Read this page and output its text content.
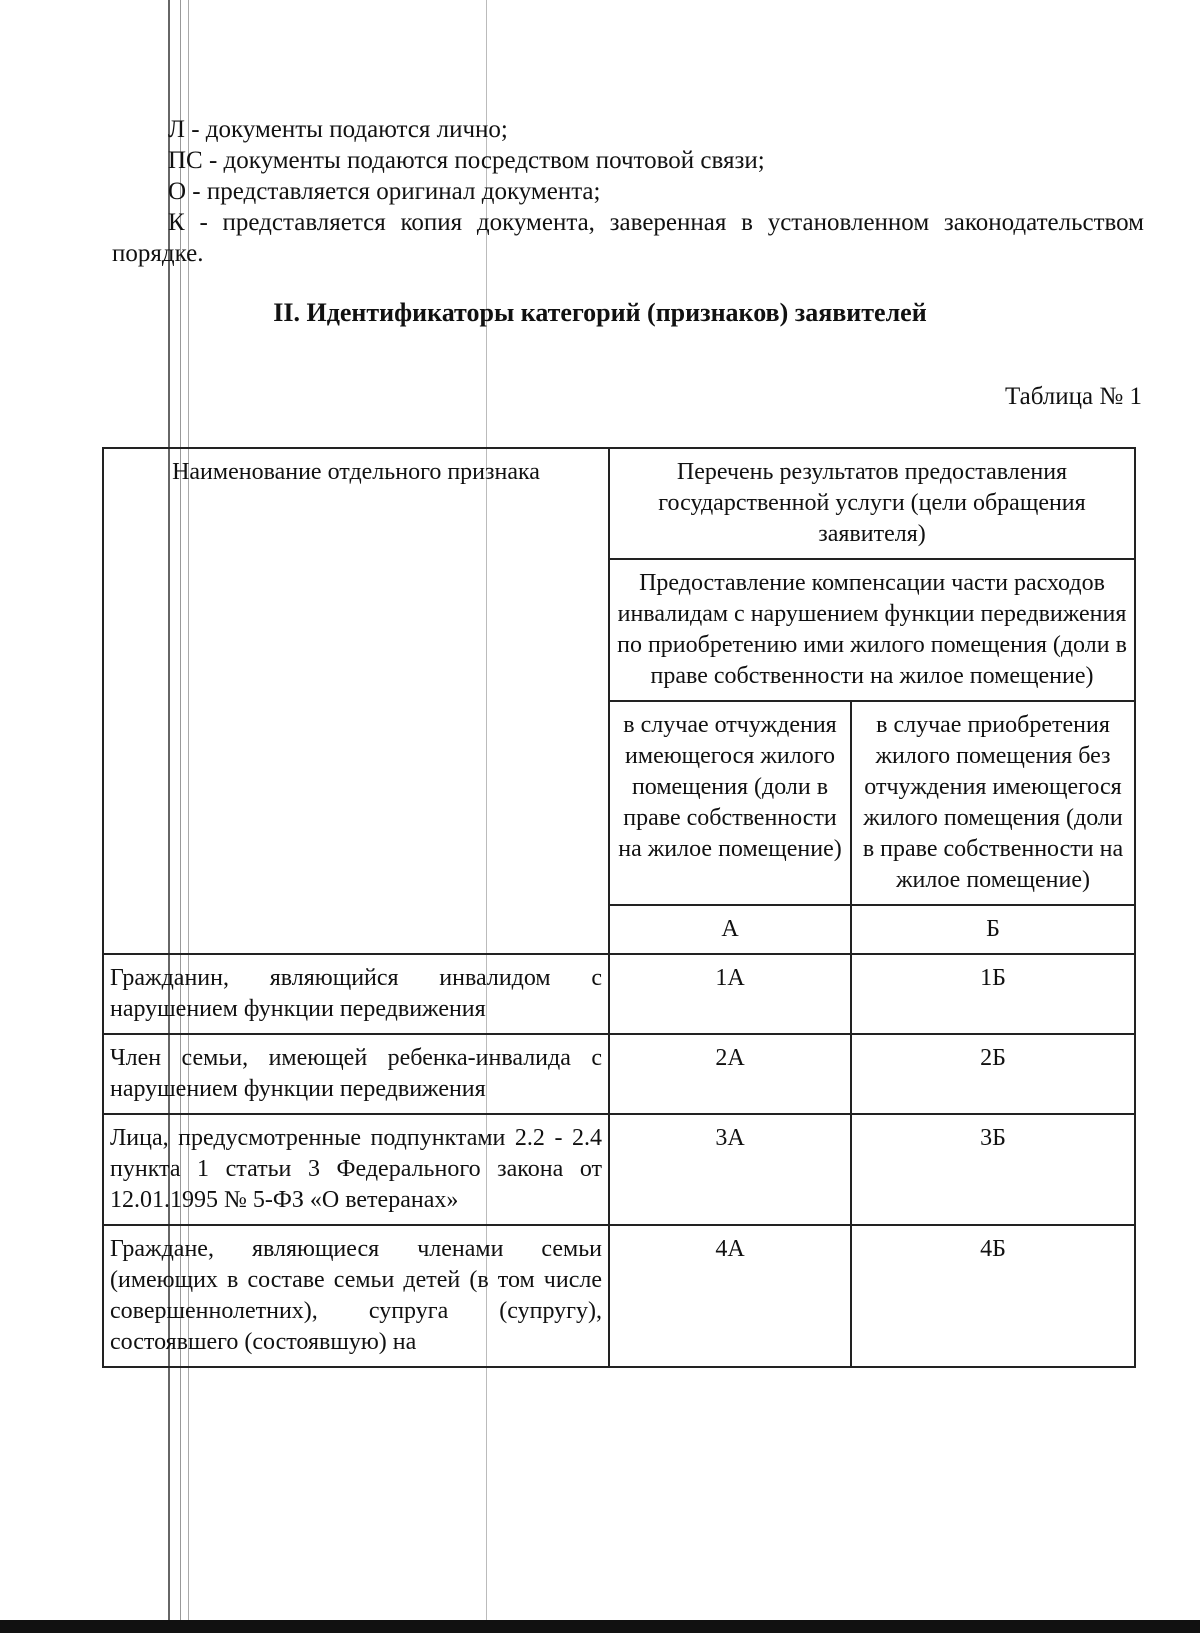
Л - документы подаются лично;

ПС - документы подаются посредством почтовой связи;

О - представляется оригинал документа;

К - представляется копия документа, заверенная в установленном законодательством порядке.

II. Идентификаторы категорий (признаков) заявителей
Таблица № 1
Наименование отдельного признака	Перечень результатов предоставления государственной услуги (цели обращения заявителя)	
	Предоставление компенсации части расходов инвалидам с нарушением функции передвижения по приобретению ими жилого помещения (доли в праве собственности на жилое помещение)	
	в случае отчуждения имеющегося жилого помещения (доли в праве собственности на жилое помещение)	в случае приобретения жилого помещения без отчуждения имеющегося жилого помещения (доли в праве собственности на жилое помещение)
	А	Б
Гражданин, являющийся инвалидом с нарушением функции передвижения	1А	1Б
Член семьи, имеющей ребенка-инвалида с нарушением функции передвижения	2А	2Б
Лица, предусмотренные подпунктами 2.2 - 2.4 пункта 1 статьи 3 Федерального закона от 12.01.1995 № 5-ФЗ «О ветеранах»	3А	3Б
Граждане, являющиеся членами семьи (имеющих в составе семьи детей (в том числе совершеннолетних), супруга (супругу), состоявшего (состоявшую) на	4А	4Б
